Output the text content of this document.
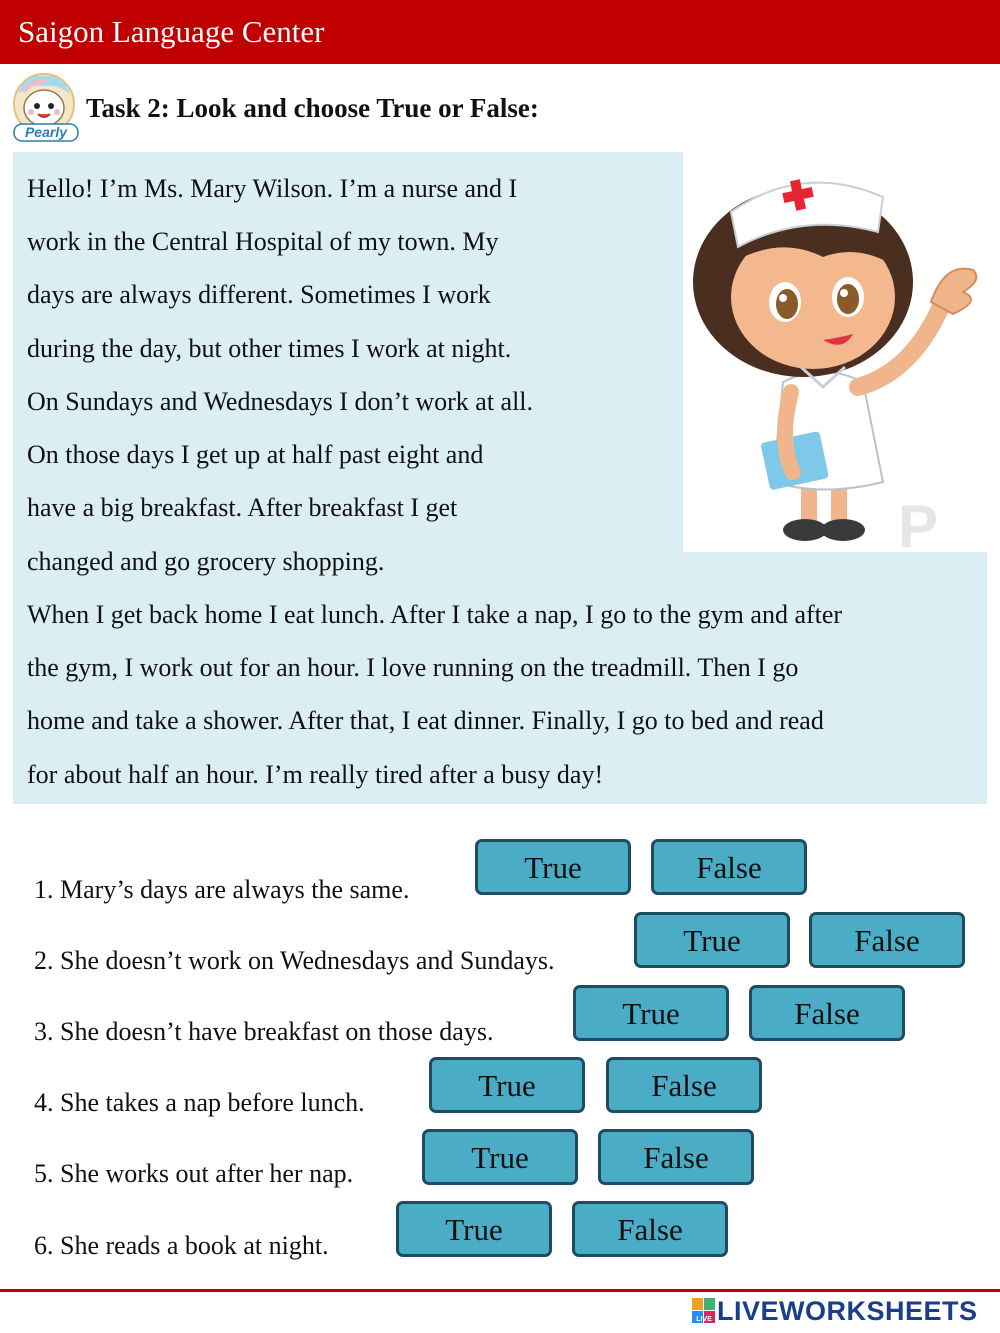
Saigon Language Center
Pearly
Task 2: Look and choose True or False:
P
Hello! I’m Ms. Mary Wilson. I’m a nurse and I
work in the Central Hospital of my town. My
days are always different. Sometimes I work
during the day, but other times I work at night.
On Sundays and Wednesdays I don’t work at all.
On those days I get up at half past eight and
have a big breakfast. After breakfast I get
changed and go grocery shopping.
When I get back home I eat lunch. After I take a nap, I go to the gym and after
the gym, I work out for an hour. I love running on the treadmill. Then I go
home and take a shower. After that, I eat dinner. Finally, I go to bed and read
for about half an hour. I’m really tired after a busy day!
1. Mary’s days are always the same.
True	False
2. She doesn’t work on Wednesdays and Sundays.
True	False
3. She doesn’t have breakfast on those days.
True	False
4. She takes a nap before lunch.	True	False
5. She works out after her nap.	True	False
6. She reads a book at night.	True	False
LIVE LIVEWORKSHEETS
